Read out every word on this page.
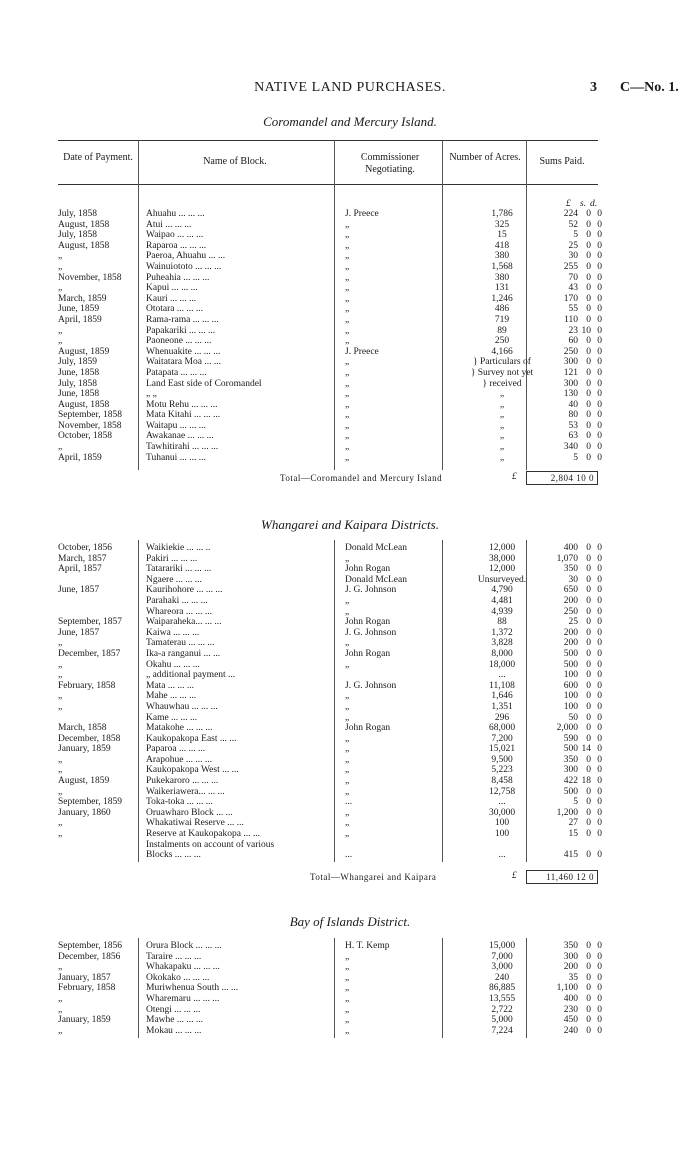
NATIVE LAND PURCHASES.	3 C—No. 1.
Coromandel and Mercury Island.
Date of Payment.	Name of Block.	Commissioner Negotiating.
Number of Acres.	Sums Paid.
£ s. d.
July, 1858	Ahuahu ... ... ...	J. Preece	1,786	224 0 0
August, 1858	Atui ... ... ...	„	325	52 0 0
July, 1858	Waipao ... ... ...	„	15	5 0 0
August, 1858	Raparoa ... ... ...	„	418	25 0 0
„	Paeroa, Ahuahu ... ...	„	380	30 0 0
„	Wainuiototo ... ... ...	„	1,568	255 0 0
November, 1858	Puheahia ... ... ...	„	380	70 0 0
„	Kapui ... ... ...	„	131	43 0 0
March, 1859	Kauri ... ... ...	„	1,246	170 0 0
June, 1859	Ototara ... ... ...	„	486	55 0 0
April, 1859	Rama-rama ... ... ...	„	719	110 0 0
„	Papakariki ... ... ...	„	89	23 10 0
„	Paoneone ... ... ...	„	250	60 0 0
August, 1859	Whenuakite ... ... ...	J. Preece	4,166	250 0 0
July, 1859	Waitatara Moa ... ...	„	} Particulars of	300 0 0
June, 1858	Patapata ... ... ...	„	} Survey not yet	121 0 0
July, 1858	Land East side of Coromandel	„	} received	300 0 0
June, 1858	„ „	„	„	130 0 0
August, 1858	Motu Rehu ... ... ...	„	„	40 0 0
September, 1858	Mata Kitahi ... ... ...	„	„	80 0 0
November, 1858	Waitapu ... ... ...	„	„	53 0 0
October, 1858	Awakanae ... ... ...	„	„	63 0 0
„	Tawhitirahi ... ... ...	„	„	340 0 0
April, 1859	Tuhanui ... ... ...	„	„	5 0 0
Total—Coromandel and Mercury Island	£	2,804 10 0
Whangarei and Kaipara Districts.
October, 1856	Waikiekie ... ... ..	Donald McLean	12,000	400 0 0
March, 1857	Pakiri ... ... ...	„	38,000	1,070 0 0
April, 1857	Tatarariki ... ... ...	John Rogan	12,000	350 0 0
Ngaere ... ... ...	Donald McLean	Unsurveyed.	30 0 0
June, 1857	Kaurihohore ... ... ...	J. G. Johnson	4,790	650 0 0
Parahaki ... ... ...	„	4,481	200 0 0
Whareora ... ... ...	„	4,939	250 0 0
September, 1857	Waiparaheka... ... ...	John Rogan	88	25 0 0
June, 1857	Kaiwa ... ... ...	J. G. Johnson	1,372	200 0 0
„	Tamaterau ... ... ...	„	3,828	200 0 0
December, 1857	Ika-a ranganui ... ...	John Rogan	8,000	500 0 0
„	Okahu ... ... ...	„	18,000	500 0 0
„	„ additional payment ...	...	100 0 0
February, 1858	Mata ... ... ...	J. G. Johnson	11,108	600 0 0
„	Mahe ... ... ...	„	1,646	100 0 0
„	Whauwhau ... ... ...	„	1,351	100 0 0
Kame ... ... ...	„	296	50 0 0
March, 1858	Matakohe ... ... ...	John Rogan	68,000	2,000 0 0
December, 1858	Kaukopakopa East ... ...	„	7,200	590 0 0
January, 1859	Paparoa ... ... ...	„	15,021	500 14 0
„	Arapohue ... ... ...	„	9,500	350 0 0
„	Kaukopakopa West ... ...	„	5,223	300 0 0
August, 1859	Pukekaroro ... ... ...	„	8,458	422 18 0
„	Waikeriawera... ... ...	„	12,758	500 0 0
September, 1859	Toka-toka ... ... ...	...	...	5 0 0
January, 1860	Oruawharo Block ... ...	„	30,000	1,200 0 0
„	Whakatiwai Reserve ... ...	„	100	27 0 0
„	Reserve at Kaukopakopa ... ...	„	100	15 0 0
Instalments on account of various
Blocks ... ... ...	...	...	415 0 0
Total—Whangarei and Kaipara	£	11,460 12 0
Bay of Islands District.
September, 1856	Orura Block ... ... ...	H. T. Kemp	15,000	350 0 0
December, 1856	Taraire ... ... ...	„	7,000	300 0 0
„	Whakapaku ... ... ...	„	3,000	200 0 0
January, 1857	Okokako ... ... ...	„	240	35 0 0
February, 1858	Muriwhenua South ... ...	„	86,885	1,100 0 0
„	Wharemaru ... ... ...	„	13,555	400 0 0
„	Otengi ... ... ...	„	2,722	230 0 0
January, 1859	Mawhe ... ... ...	„	5,000	450 0 0
„	Mokau ... ... ...	„	7,224	240 0 0
